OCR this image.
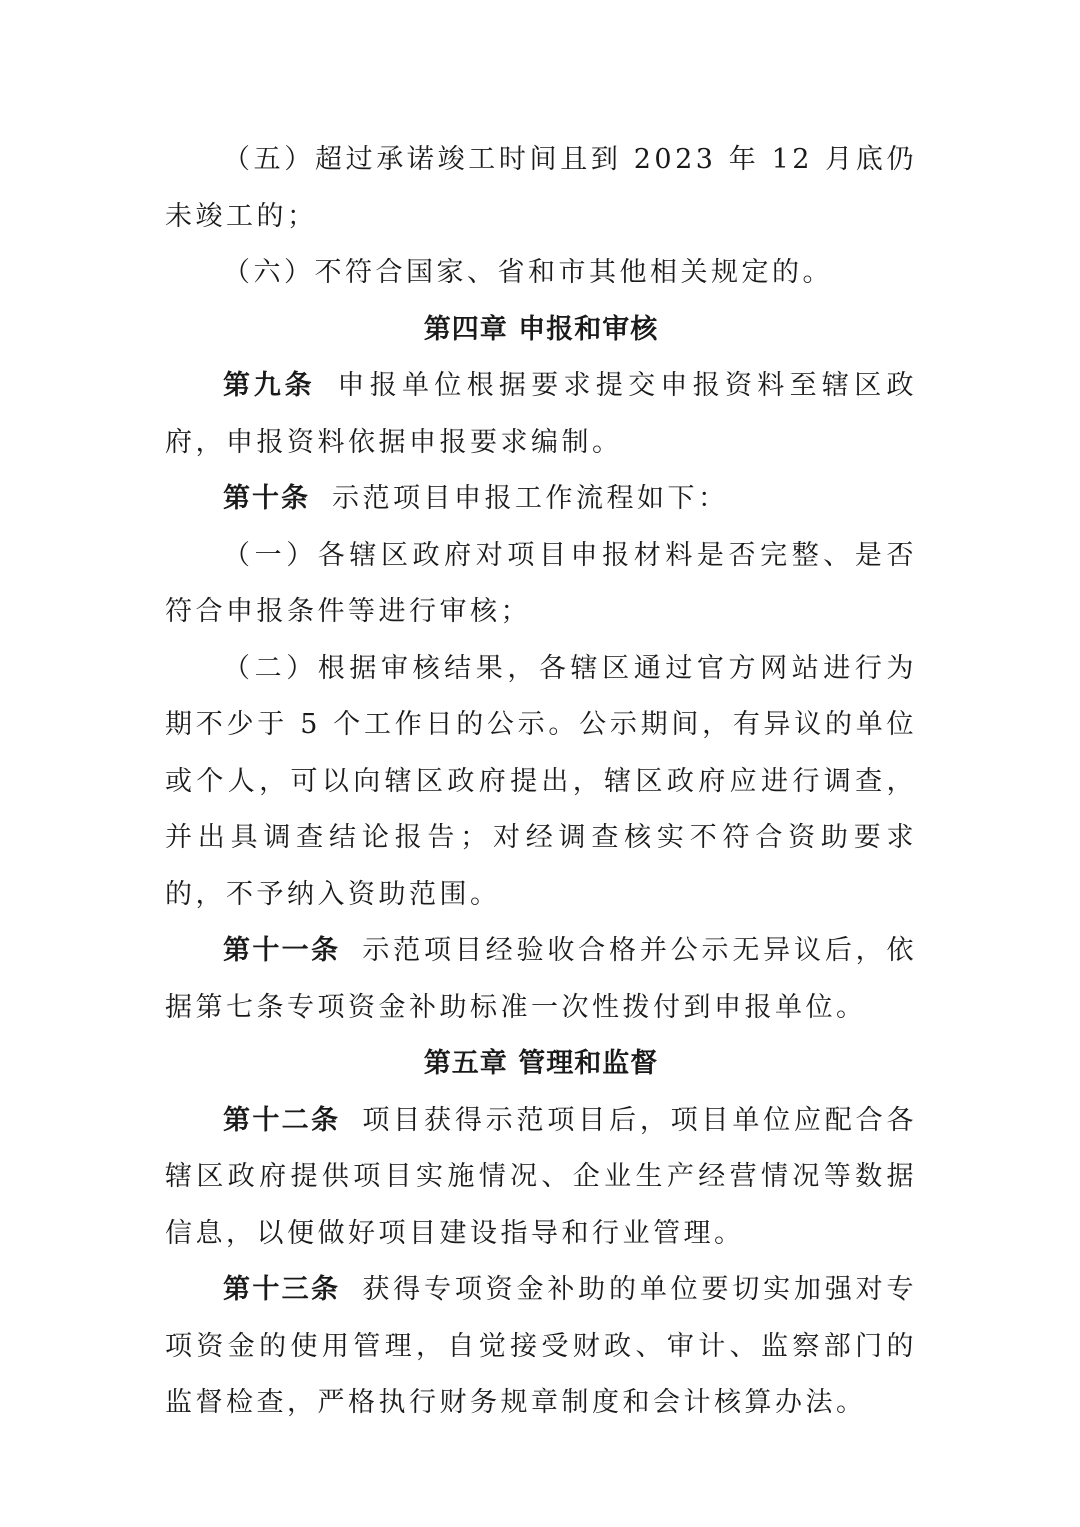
（五）超过承诺竣工时间且到 2023 年 12 月底仍未竣工的；

（六）不符合国家、省和市其他相关规定的。

第四章 申报和审核

第九条 申报单位根据要求提交申报资料至辖区政府，申报资料依据申报要求编制。

第十条 示范项目申报工作流程如下：

（一）各辖区政府对项目申报材料是否完整、是否符合申报条件等进行审核；

（二）根据审核结果，各辖区通过官方网站进行为期不少于 5 个工作日的公示。公示期间，有异议的单位或个人，可以向辖区政府提出，辖区政府应进行调查，并出具调查结论报告；对经调查核实不符合资助要求的，不予纳入资助范围。

第十一条 示范项目经验收合格并公示无异议后，依据第七条专项资金补助标准一次性拨付到申报单位。

第五章 管理和监督

第十二条 项目获得示范项目后，项目单位应配合各辖区政府提供项目实施情况、企业生产经营情况等数据信息，以便做好项目建设指导和行业管理。

第十三条 获得专项资金补助的单位要切实加强对专项资金的使用管理，自觉接受财政、审计、监察部门的监督检查，严格执行财务规章制度和会计核算办法。
